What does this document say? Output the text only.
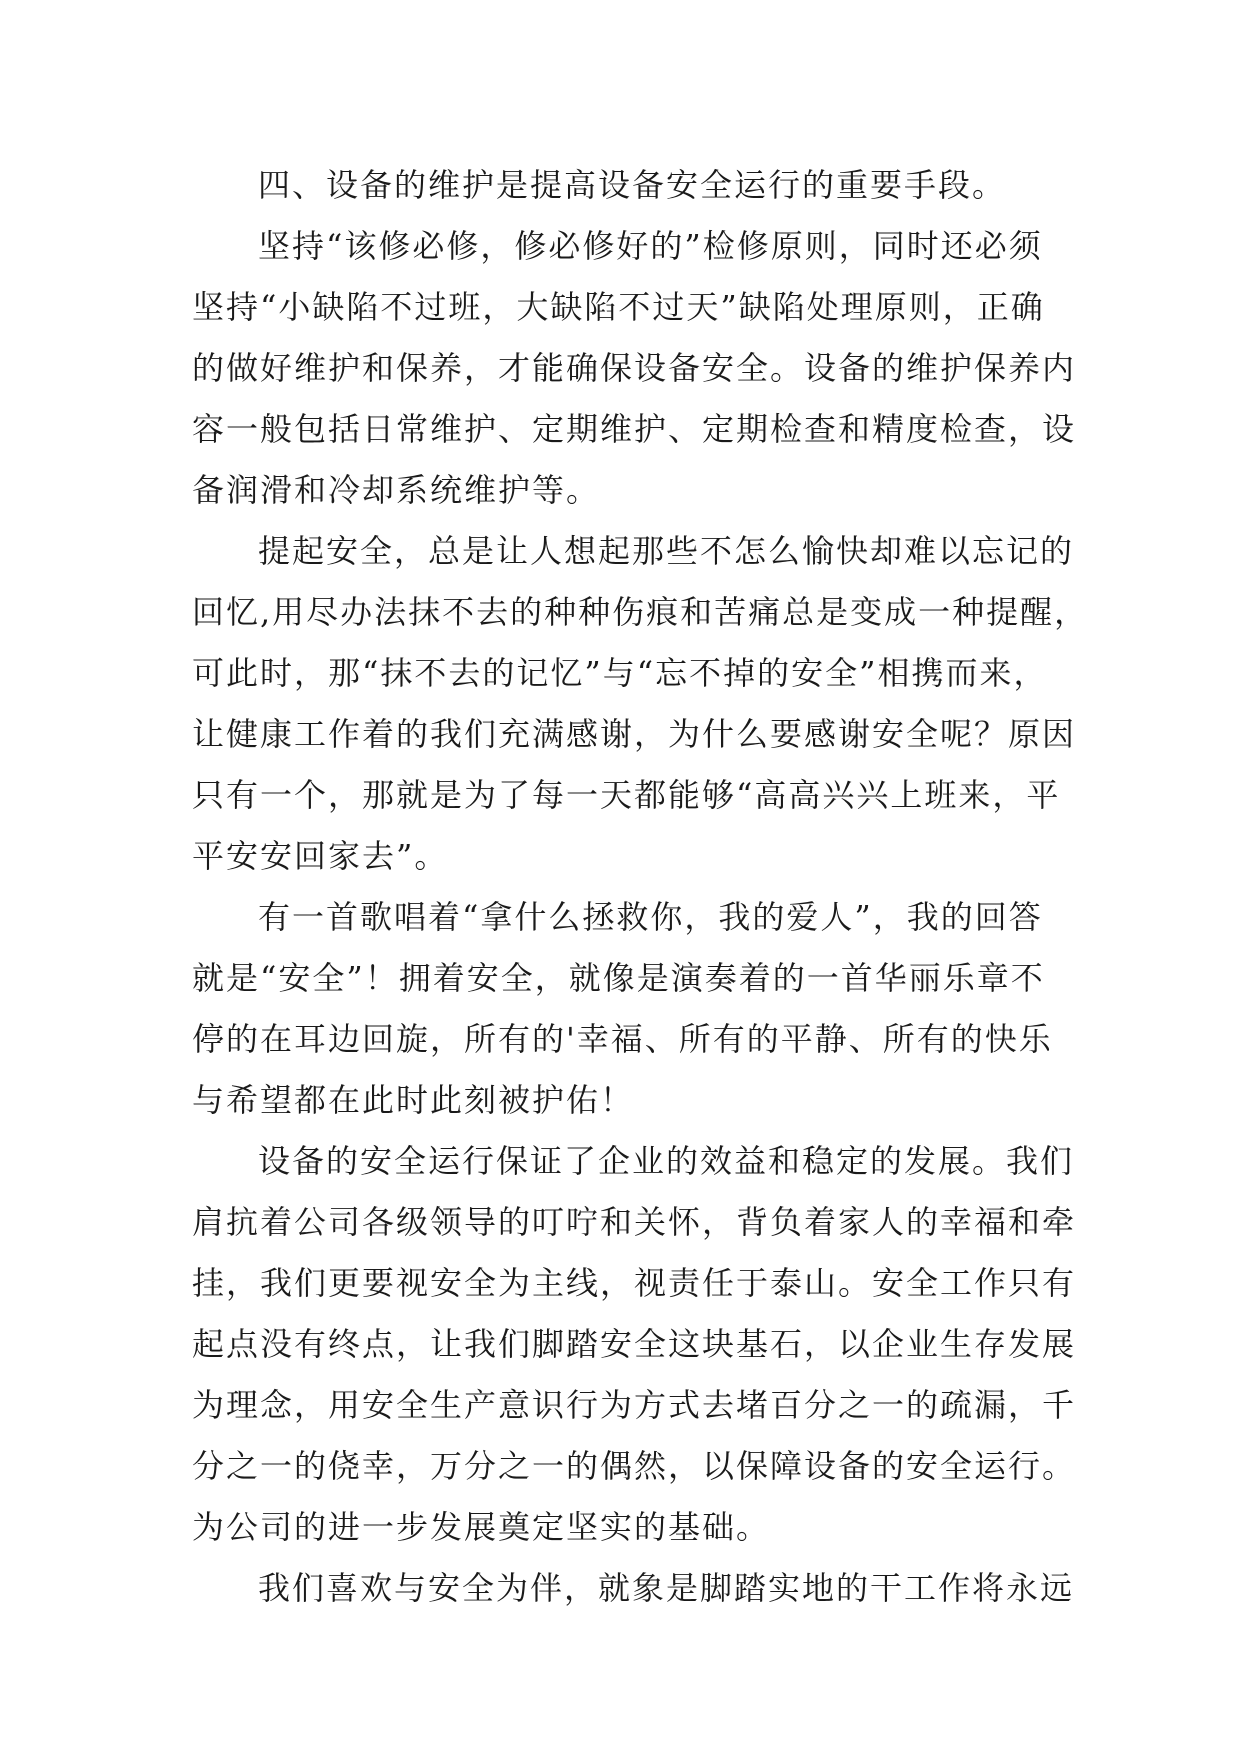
四、设备的维护是提高设备安全运行的重要手段。
坚持“该修必修，修必修好的”检修原则，同时还必须
坚持“小缺陷不过班，大缺陷不过天”缺陷处理原则，正确
的做好维护和保养，才能确保设备安全。设备的维护保养内
容一般包括日常维护、定期维护、定期检查和精度检查，设
备润滑和冷却系统维护等。
提起安全，总是让人想起那些不怎么愉快却难以忘记的
回忆,用尽办法抹不去的种种伤痕和苦痛总是变成一种提醒，
可此时，那“抹不去的记忆”与“忘不掉的安全”相携而来，
让健康工作着的我们充满感谢，为什么要感谢安全呢？原因
只有一个，那就是为了每一天都能够“高高兴兴上班来，平
平安安回家去”。
有一首歌唱着“拿什么拯救你，我的爱人”，我的回答
就是“安全”！拥着安全，就像是演奏着的一首华丽乐章不
停的在耳边回旋，所有的'幸福、所有的平静、所有的快乐
与希望都在此时此刻被护佑！
设备的安全运行保证了企业的效益和稳定的发展。我们
肩抗着公司各级领导的叮咛和关怀，背负着家人的幸福和牵
挂，我们更要视安全为主线，视责任于泰山。安全工作只有
起点没有终点，让我们脚踏安全这块基石，以企业生存发展
为理念，用安全生产意识行为方式去堵百分之一的疏漏，千
分之一的侥幸，万分之一的偶然，以保障设备的安全运行。
为公司的进一步发展奠定坚实的基础。
我们喜欢与安全为伴，就象是脚踏实地的干工作将永远
